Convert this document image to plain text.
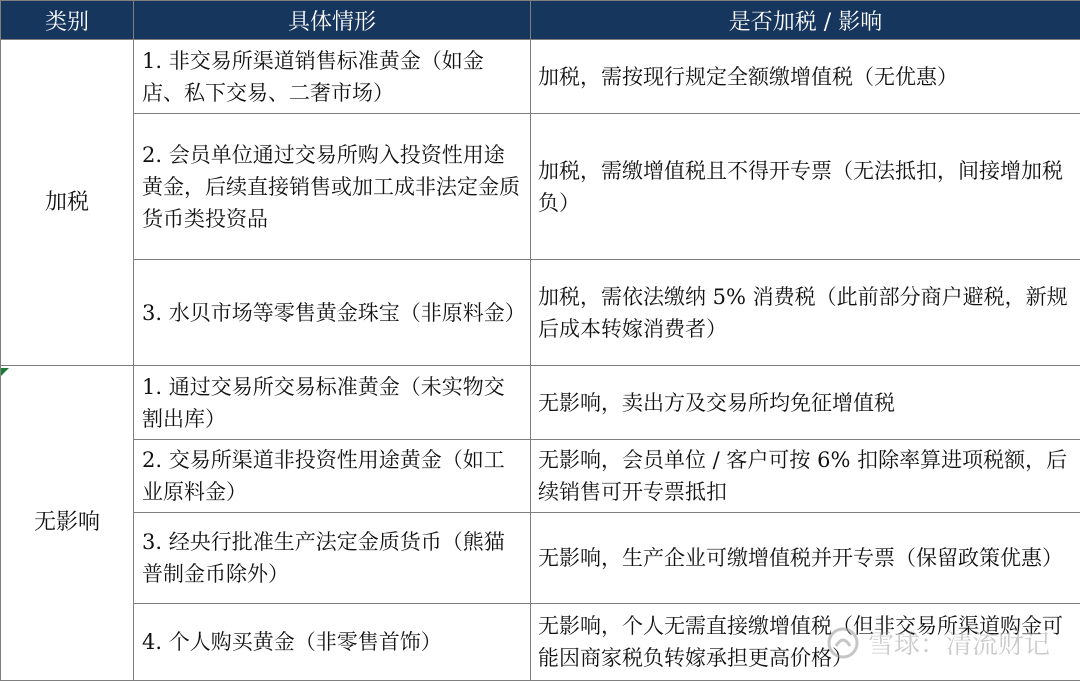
类别	具体情形	是否加税 / 影响
加税	1. 非交易所渠道销售标准黄金（如金店、私下交易、二奢市场）	加税，需按现行规定全额缴增值税（无优惠）
	2. 会员单位通过交易所购入投资性用途黄金，后续直接销售或加工成非法定金质货币类投资品	加税，需缴增值税且不得开专票（无法抵扣，间接增加税负）
	3. 水贝市场等零售黄金珠宝（非原料金）	加税，需依法缴纳 5% 消费税（此前部分商户避税，新规后成本转嫁消费者）
无影响	1. 通过交易所交易标准黄金（未实物交割出库）	无影响，卖出方及交易所均免征增值税
	2. 交易所渠道非投资性用途黄金（如工业原料金）	无影响，会员单位 / 客户可按 6% 扣除率算进项税额，后续销售可开专票抵扣
	3. 经央行批准生产法定金质货币（熊猫普制金币除外）	无影响，生产企业可缴增值税并开专票（保留政策优惠）
	4. 个人购买黄金（非零售首饰）	无影响，个人无需直接缴增值税（但非交易所渠道购金可能因商家税负转嫁承担更高价格） 雪球：清流财记
